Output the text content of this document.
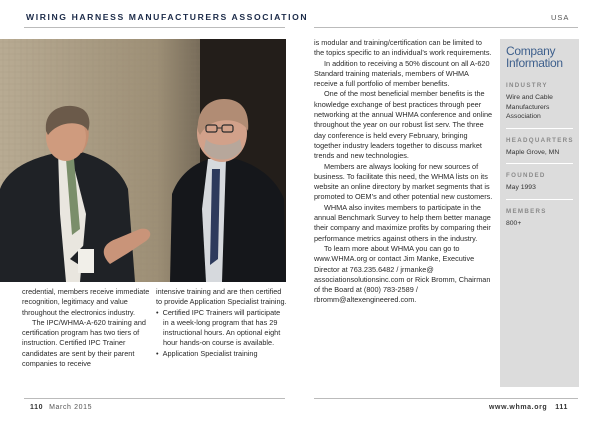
WIRING HARNESS MANUFACTURERS ASSOCIATION	USA

credential, members receive immediate recognition, legitimacy and value throughout the electronics industry.

The IPC/WHMA-A-620 training and certification program has two tiers of instruction. Certified IPC Trainer candidates are sent by their parent companies to receive

intensive training and are then certified to provide Application Specialist training.

•  Certified IPC Trainers will participate in a week-long program that has 29 instructional hours. An optional eight hour hands-on course is available.

•  Application Specialist training

is modular and training/certification can be limited to the topics specific to an individual’s work requirements.

In addition to receiving a 50% discount on all A-620 Standard training materials, members of WHMA receive a full portfolio of member benefits.

One of the most beneficial member benefits is the knowledge exchange of best practices through peer networking at the annual WHMA conference and online throughout the year on our robust list serv. The three day conference is held every February, bringing together industry leaders together to discuss market trends and new technologies.

Members are always looking for new sources of business. To facilitate this need, the WHMA lists on its website an online directory by market segments that is promoted to OEM’s and other potential new customers.

WHMA also invites members to participate in the annual Benchmark Survey to help them better manage their company and maximize profits by comparing their performance metrics against others in the industry.

To learn more about WHMA you can go to www.WHMA.org or contact Jim Manke, Executive Director at 763.235.6482 / jrmanke@ associationsolutionsinc.com or Rick Bromm, Chairman of the Board at (800) 783-2589 / rbromm@altexengineered.com.

Company Information
INDUSTRY
Wire and Cable Manufacturers Association
HEADQUARTERS
Maple Grove, MN
FOUNDED
May 1993
MEMBERS
800+
110 March 2015	www.whma.org 111
